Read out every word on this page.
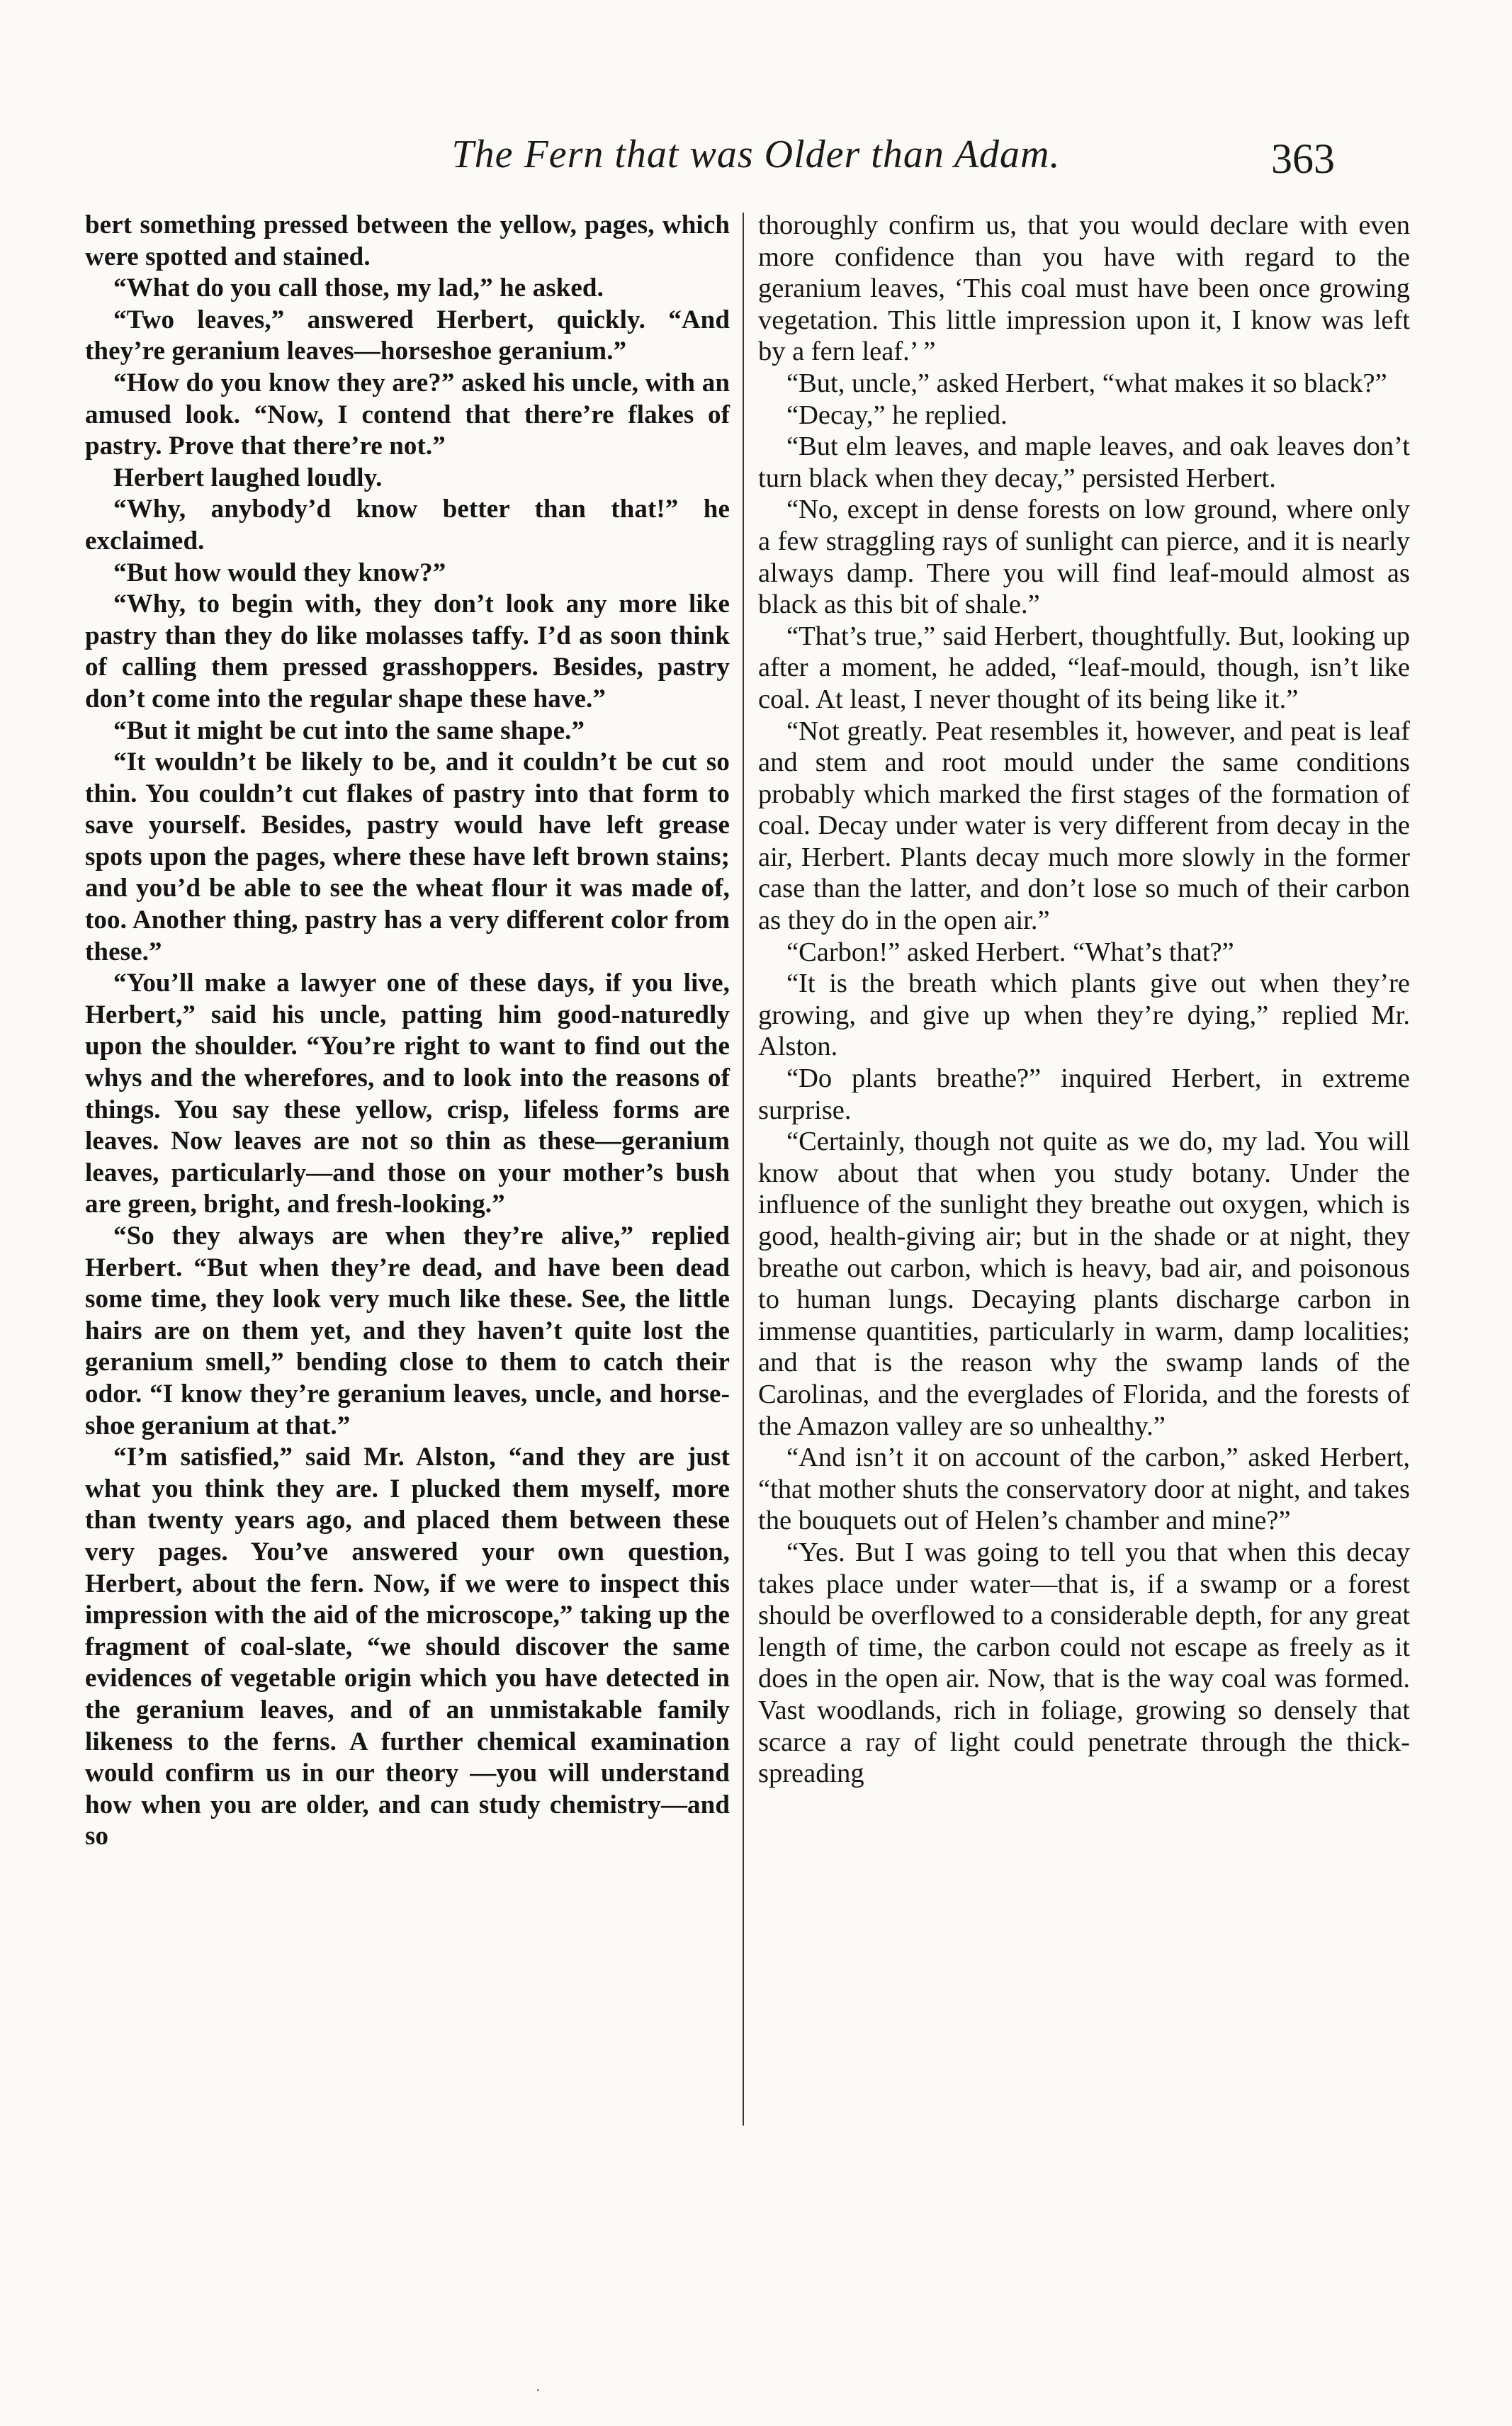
The Fern that was Older than Adam.	363

bert something pressed between the yellow, pages, which were spotted and stained.

“What do you call those, my lad,” he asked.

“Two leaves,” answered Herbert, quickly. “And they’re geranium leaves—horseshoe geranium.”

“How do you know they are?” asked his uncle, with an amused look. “Now, I contend that there’re flakes of pastry. Prove that there’re not.”

Herbert laughed loudly.

“Why, anybody’d know better than that!” he exclaimed.

“But how would they know?”

“Why, to begin with, they don’t look any more like pastry than they do like molasses taffy. I’d as soon think of calling them pressed grasshoppers. Besides, pastry don’t come into the regular shape these have.”

“But it might be cut into the same shape.”

“It wouldn’t be likely to be, and it couldn’t be cut so thin. You couldn’t cut flakes of pastry into that form to save yourself. Besides, pastry would have left grease spots upon the pages, where these have left brown stains; and you’d be able to see the wheat flour it was made of, too. Another thing, pastry has a very different color from these.”

“You’ll make a lawyer one of these days, if you live, Herbert,” said his uncle, patting him good-naturedly upon the shoulder. “You’re right to want to find out the whys and the wherefores, and to look into the reasons of things. You say these yellow, crisp, lifeless forms are leaves. Now leaves are not so thin as these—geranium leaves, particularly—and those on your mother’s bush are green, bright, and fresh-looking.”

“So they always are when they’re alive,” replied Herbert. “But when they’re dead, and have been dead some time, they look very much like these. See, the little hairs are on them yet, and they haven’t quite lost the geranium smell,” bending close to them to catch their odor. “I know they’re geranium leaves, uncle, and horse-shoe geranium at that.”

“I’m satisfied,” said Mr. Alston, “and they are just what you think they are. I plucked them myself, more than twenty years ago, and placed them between these very pages. You’ve answered your own question, Herbert, about the fern. Now, if we were to inspect this impression with the aid of the microscope,” taking up the fragment of coal-slate, “we should discover the same evidences of vegetable origin which you have detected in the geranium leaves, and of an unmistakable family likeness to the ferns. A further chemical examination would confirm us in our theory —you will understand how when you are older, and can study chemistry—and so

thoroughly confirm us, that you would declare with even more confidence than you have with regard to the geranium leaves, ‘This coal must have been once growing vegetation. This little impression upon it, I know was left by a fern leaf.’ ”

“But, uncle,” asked Herbert, “what makes it so black?”

“Decay,” he replied.

“But elm leaves, and maple leaves, and oak leaves don’t turn black when they decay,” persisted Herbert.

“No, except in dense forests on low ground, where only a few straggling rays of sunlight can pierce, and it is nearly always damp. There you will find leaf-mould almost as black as this bit of shale.”

“That’s true,” said Herbert, thoughtfully. But, looking up after a moment, he added, “leaf-mould, though, isn’t like coal. At least, I never thought of its being like it.”

“Not greatly. Peat resembles it, however, and peat is leaf and stem and root mould under the same conditions probably which marked the first stages of the formation of coal. Decay under water is very different from decay in the air, Herbert. Plants decay much more slowly in the former case than the latter, and don’t lose so much of their carbon as they do in the open air.”

“Carbon!” asked Herbert. “What’s that?”

“It is the breath which plants give out when they’re growing, and give up when they’re dying,” replied Mr. Alston.

“Do plants breathe?” inquired Herbert, in extreme surprise.

“Certainly, though not quite as we do, my lad. You will know about that when you study botany. Under the influence of the sunlight they breathe out oxygen, which is good, health-giving air; but in the shade or at night, they breathe out carbon, which is heavy, bad air, and poisonous to human lungs. Decaying plants discharge carbon in immense quantities, particularly in warm, damp localities; and that is the reason why the swamp lands of the Carolinas, and the everglades of Florida, and the forests of the Amazon valley are so unhealthy.”

“And isn’t it on account of the carbon,” asked Herbert, “that mother shuts the conservatory door at night, and takes the bouquets out of Helen’s chamber and mine?”

“Yes. But I was going to tell you that when this decay takes place under water—that is, if a swamp or a forest should be overflowed to a considerable depth, for any great length of time, the carbon could not escape as freely as it does in the open air. Now, that is the way coal was formed. Vast woodlands, rich in foliage, growing so densely that scarce a ray of light could penetrate through the thick-spreading
